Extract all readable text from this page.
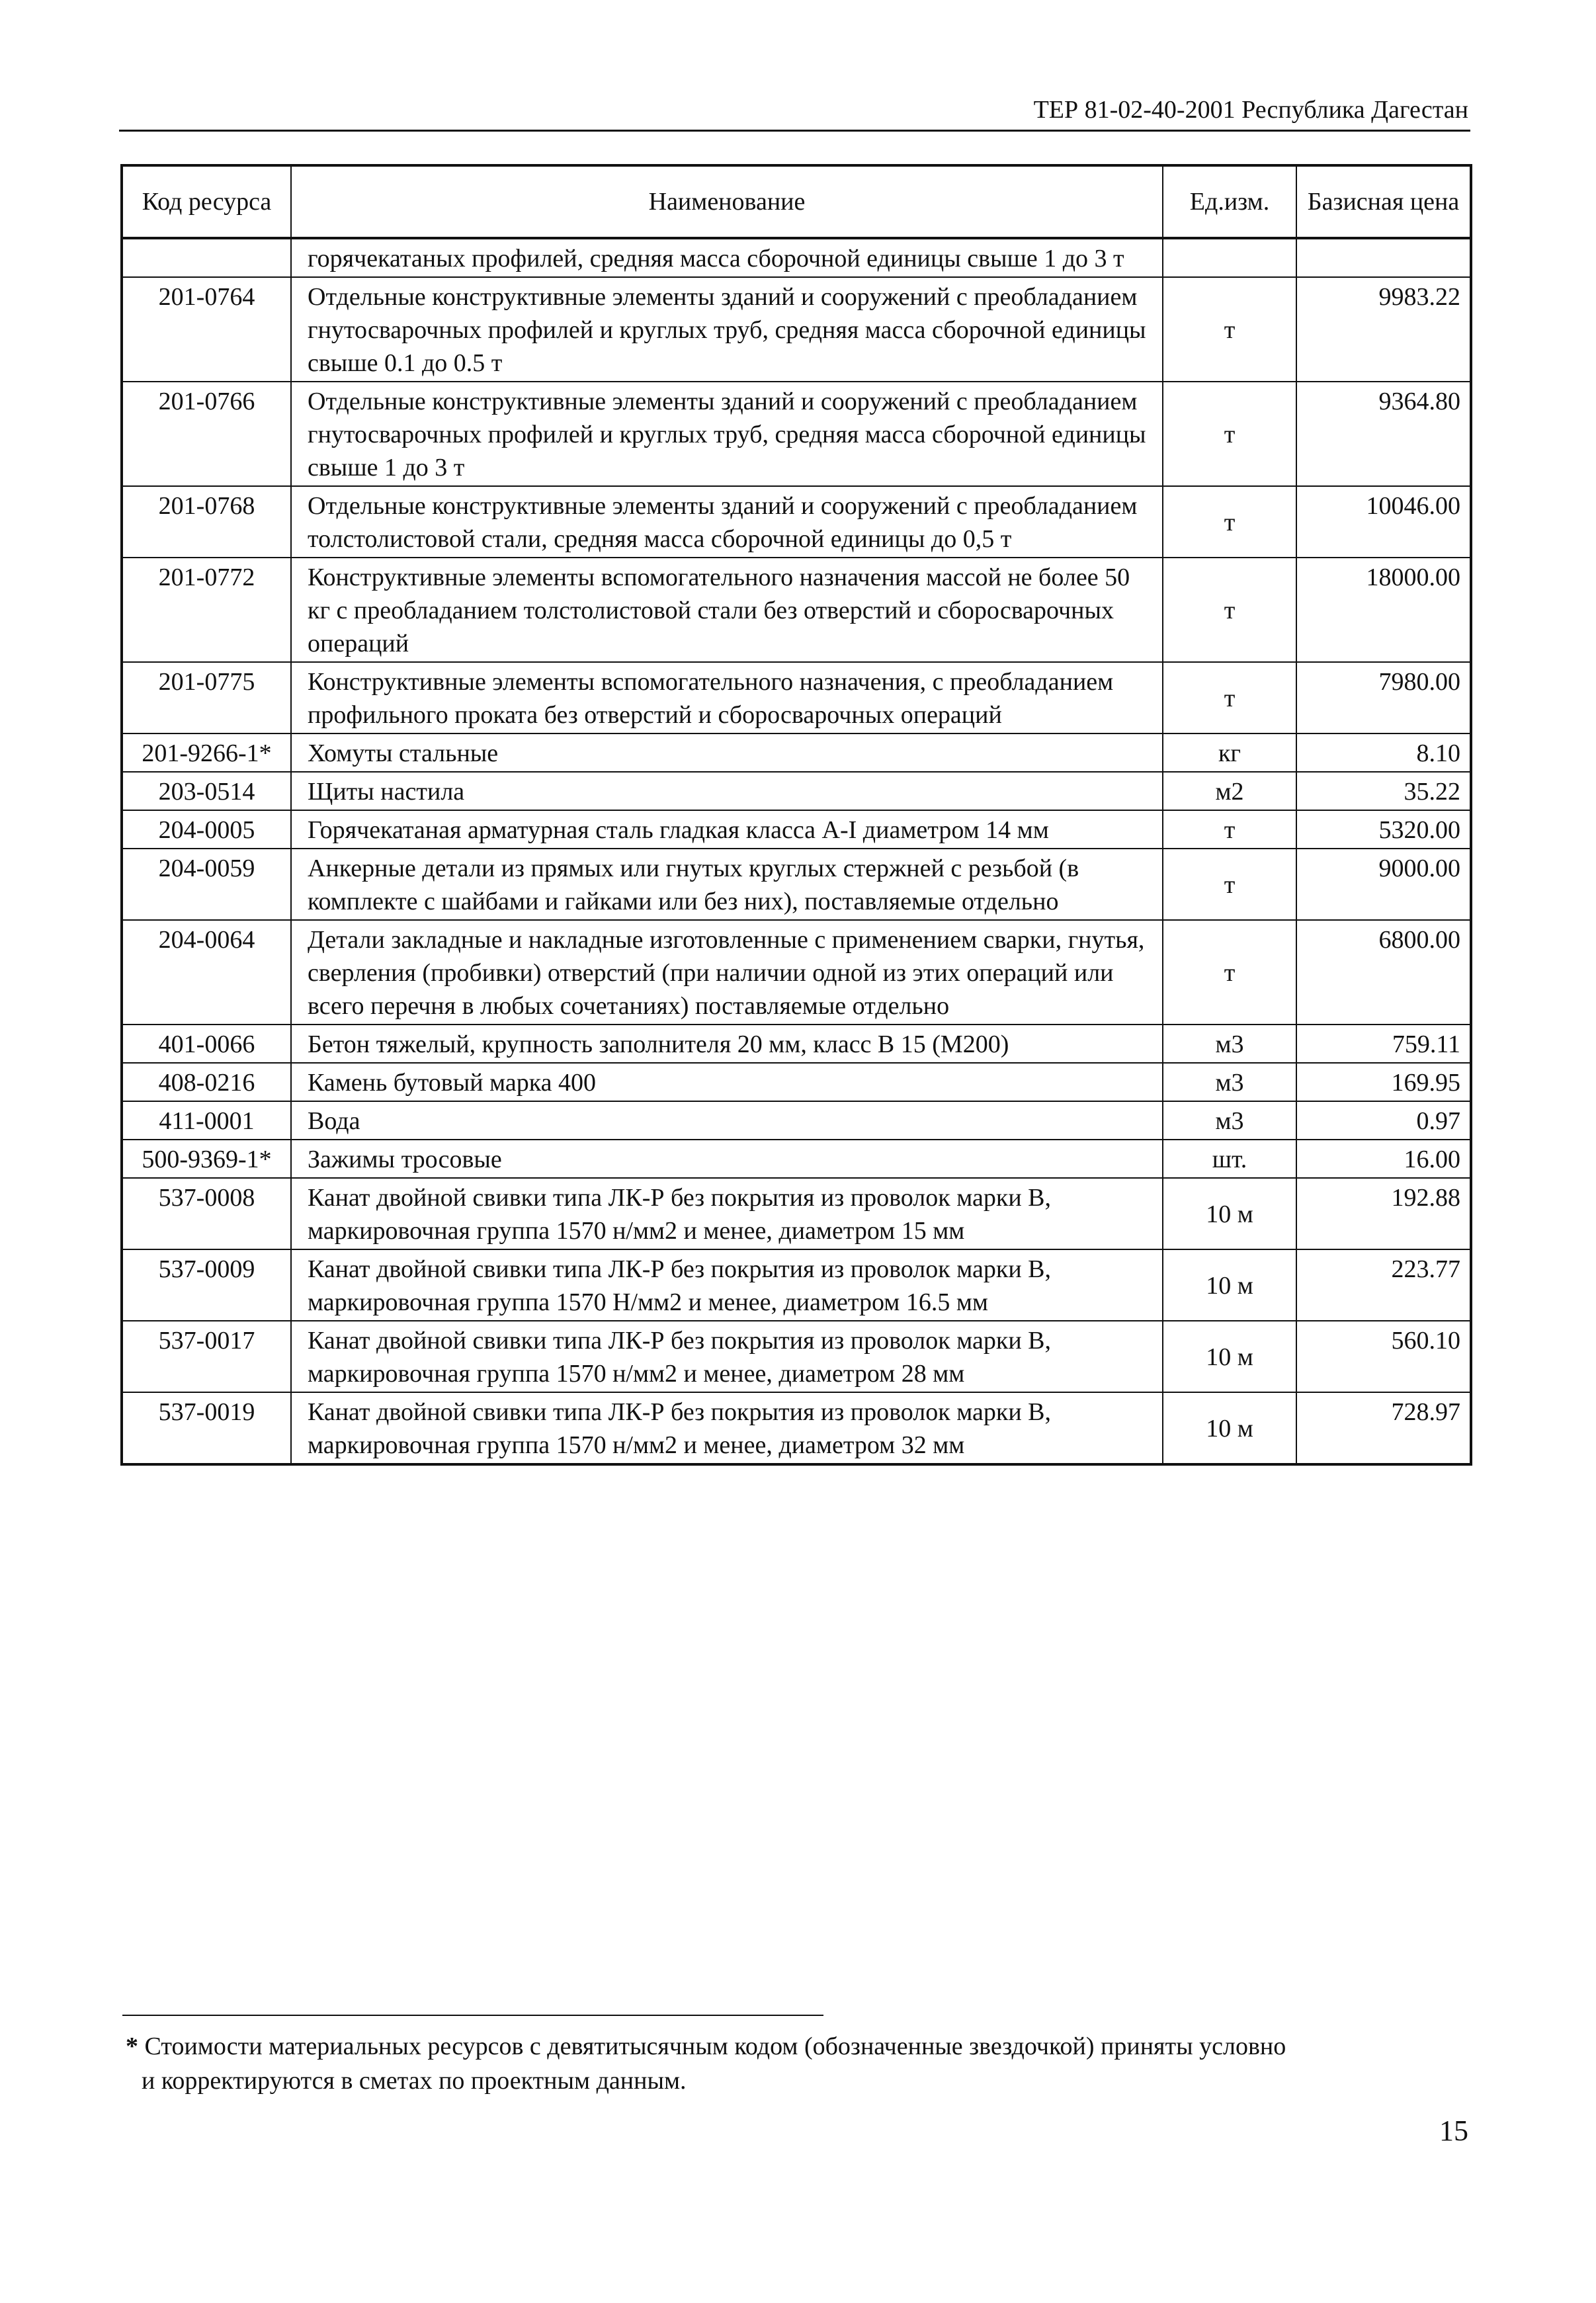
ТЕР 81-02-40-2001 Республика Дагестан
Код ресурса	Наименование	Ед.изм.	Базисная цена
	горячекатаных профилей, средняя масса сборочной единицы свыше 1 до 3 т		
201-0764	Отдельные конструктивные элементы зданий и сооружений с преобладанием гнутосварочных профилей и круглых труб, средняя масса сборочной единицы свыше 0.1 до 0.5 т	т	9983.22
201-0766	Отдельные конструктивные элементы зданий и сооружений с преобладанием гнутосварочных профилей и круглых труб, средняя масса сборочной единицы свыше 1 до 3 т	т	9364.80
201-0768	Отдельные конструктивные элементы зданий и сооружений с преобладанием толстолистовой стали, средняя масса сборочной единицы до 0,5 т	т	10046.00
201-0772	Конструктивные элементы вспомогательного назначения массой не более 50 кг с преобладанием толстолистовой стали без отверстий и сборосварочных операций	т	18000.00
201-0775	Конструктивные элементы вспомогательного назначения, с преобладанием профильного проката без отверстий и сборосварочных операций	т	7980.00
201-9266-1*	Хомуты стальные	кг	8.10
203-0514	Щиты настила	м2	35.22
204-0005	Горячекатаная арматурная сталь гладкая класса А-I диаметром 14 мм	т	5320.00
204-0059	Анкерные детали из прямых или гнутых круглых стержней с резьбой (в комплекте с шайбами и гайками или без них), поставляемые отдельно	т	9000.00
204-0064	Детали закладные и накладные изготовленные с применением сварки, гнутья, сверления (пробивки) отверстий (при наличии одной из этих операций или всего перечня в любых сочетаниях) поставляемые отдельно	т	6800.00
401-0066	Бетон тяжелый, крупность заполнителя 20 мм, класс В 15 (М200)	м3	759.11
408-0216	Камень бутовый марка 400	м3	169.95
411-0001	Вода	м3	0.97
500-9369-1*	Зажимы тросовые	шт.	16.00
537-0008	Канат двойной свивки типа ЛК-Р без покрытия из проволок марки В, маркировочная группа 1570 н/мм2 и менее, диаметром 15 мм	10 м	192.88
537-0009	Канат двойной свивки типа ЛК-Р без покрытия из проволок марки В, маркировочная группа 1570 Н/мм2 и менее, диаметром 16.5 мм	10 м	223.77
537-0017	Канат двойной свивки типа ЛК-Р без покрытия из проволок марки В, маркировочная группа 1570 н/мм2 и менее, диаметром 28 мм	10 м	560.10
537-0019	Канат двойной свивки типа ЛК-Р без покрытия из проволок марки В, маркировочная группа 1570 н/мм2 и менее, диаметром 32 мм	10 м	728.97
* Стоимости материальных ресурсов с девятитысячным кодом (обозначенные звездочкой) приняты условно
и корректируются в сметах по проектным данным.
15
